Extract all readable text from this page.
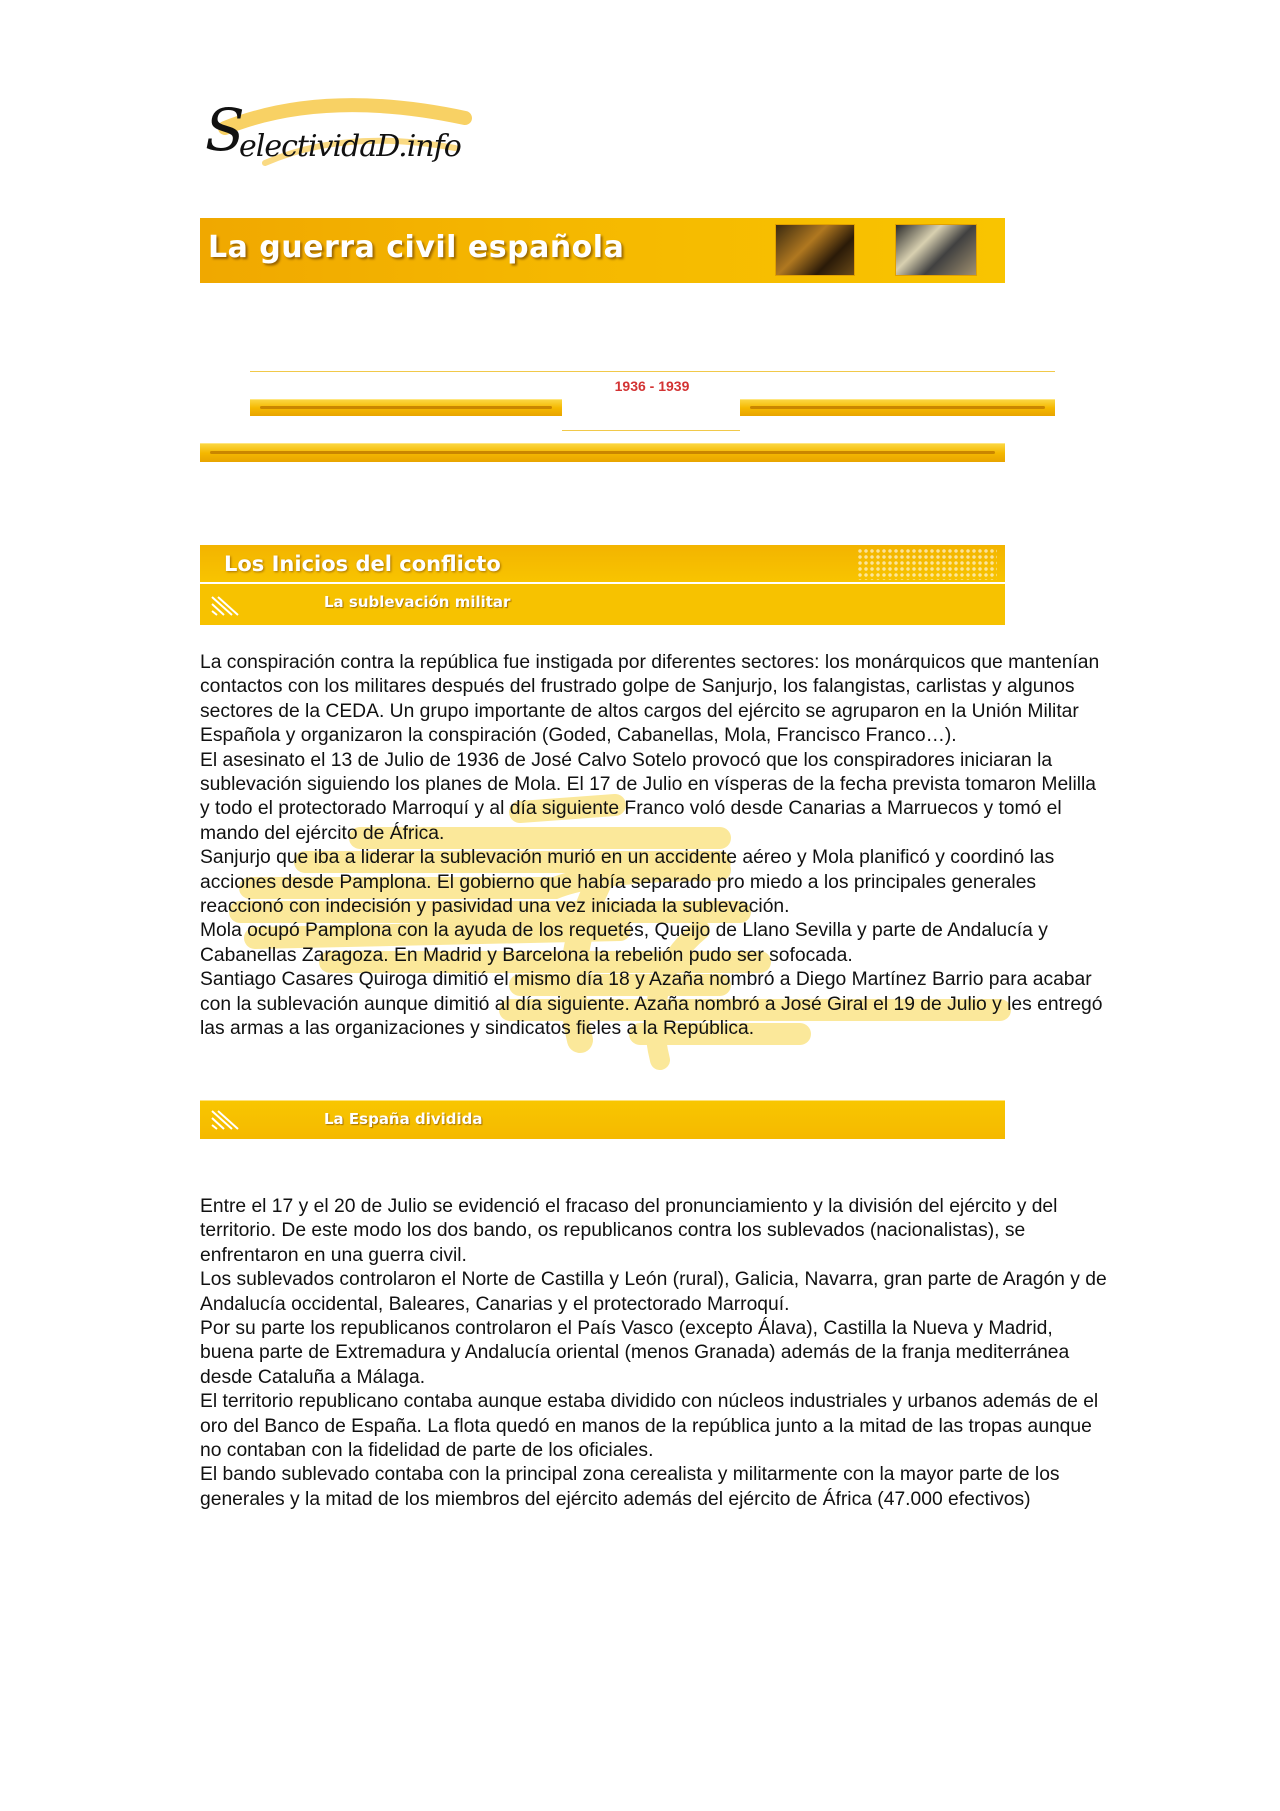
S
electividaD.info
La guerra civil española
1936 - 1939
Los Inicios del conflicto
La sublevación militar

La conspiración contra la república fue instigada por diferentes sectores: los monárquicos que mantenían contactos con los militares después del frustrado golpe de Sanjurjo, los falangistas, carlistas y algunos sectores de la CEDA. Un grupo importante de altos cargos del ejército se agruparon en la Unión Militar Española y organizaron la conspiración (Goded, Cabanellas, Mola, Francisco Franco…).

El asesinato el 13 de Julio de 1936 de José Calvo Sotelo provocó que los conspiradores iniciaran la sublevación siguiendo los planes de Mola. El 17 de Julio en vísperas de la fecha prevista tomaron Melilla y todo el protectorado Marroquí y al día siguiente Franco voló desde Canarias a Marruecos y tomó el mando del ejército de África.

Sanjurjo que iba a liderar la sublevación murió en un accidente aéreo y Mola planificó y coordinó las acciones desde Pamplona. El gobierno que había separado pro miedo a los principales generales reaccionó con indecisión y pasividad una vez iniciada la sublevación.

Mola ocupó Pamplona con la ayuda de los requetés, Queijo de Llano Sevilla y parte de Andalucía y Cabanellas Zaragoza. En Madrid y Barcelona la rebelión pudo ser sofocada.

Santiago Casares Quiroga dimitió el mismo día 18 y Azaña nombró a Diego Martínez Barrio para acabar con la sublevación aunque dimitió al día siguiente. Azaña nombró a José Giral el 19 de Julio y les entregó las armas a las organizaciones y sindicatos fieles a la República.

La España dividida

Entre el 17 y el 20 de Julio se evidenció el fracaso del pronunciamiento y la división del ejército y del territorio. De este modo los dos bando, os republicanos contra los sublevados (nacionalistas), se enfrentaron en una guerra civil.

Los sublevados controlaron el Norte de Castilla y León (rural), Galicia, Navarra, gran parte de Aragón y de Andalucía occidental, Baleares, Canarias y el protectorado Marroquí.

Por su parte los republicanos controlaron el País Vasco (excepto Álava), Castilla la Nueva y Madrid, buena parte de Extremadura y Andalucía oriental (menos Granada) además de la franja mediterránea desde Cataluña a Málaga.

El territorio republicano contaba aunque estaba dividido con núcleos industriales y urbanos además de el oro del Banco de España. La flota quedó en manos de la república junto a la mitad de las tropas aunque no contaban con la fidelidad de parte de los oficiales.

El bando sublevado contaba con la principal zona cerealista y militarmente con la mayor parte de los generales y la mitad de los miembros del ejército además del ejército de África (47.000 efectivos)
